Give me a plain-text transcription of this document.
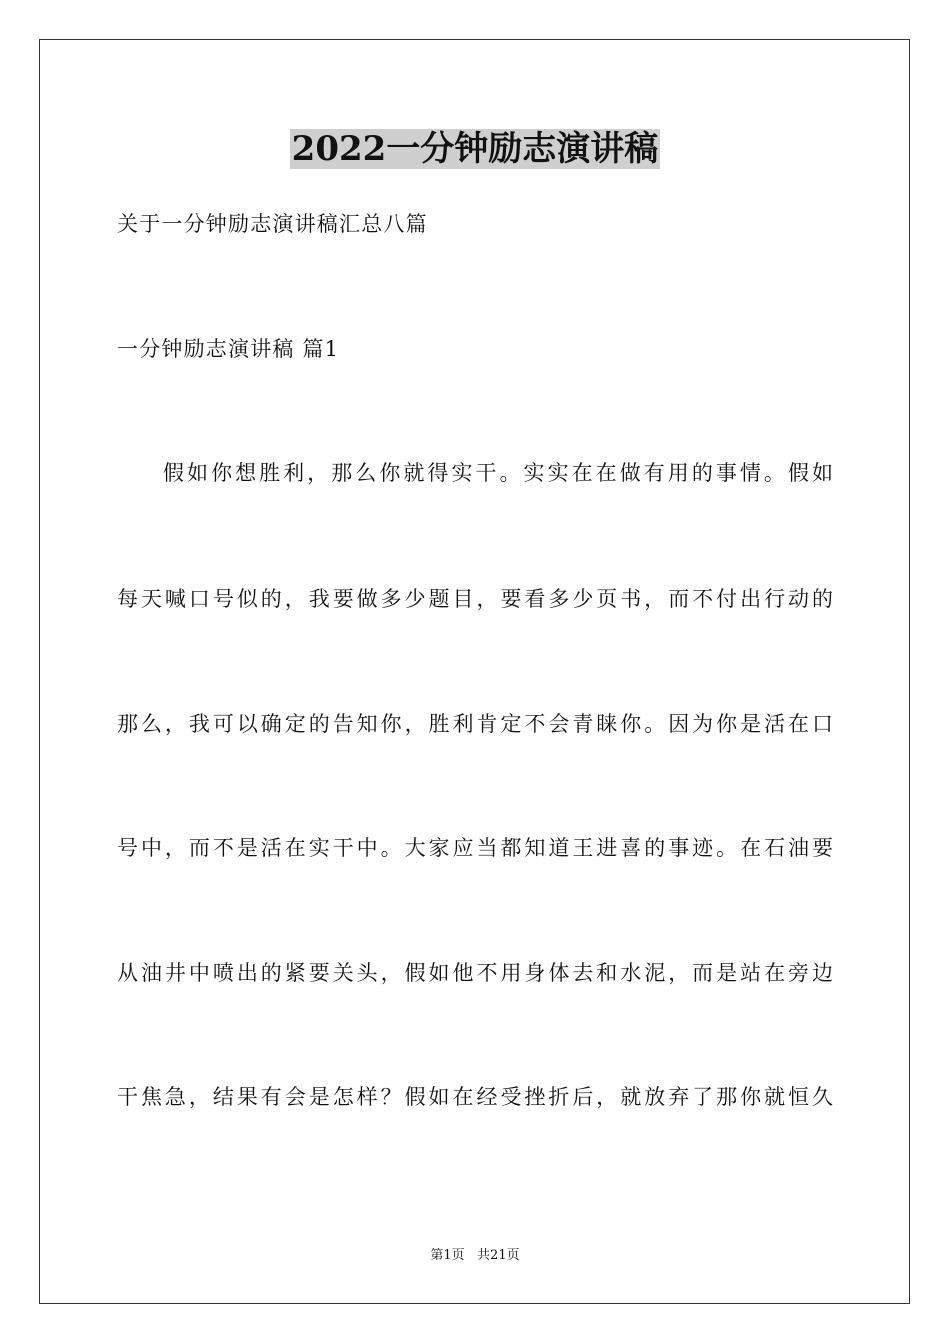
2022一分钟励志演讲稿
关于一分钟励志演讲稿汇总八篇
一分钟励志演讲稿 篇1
假如你想胜利，那么你就得实干。实实在在做有用的事情。假如
每天喊口号似的，我要做多少题目，要看多少页书，而不付出行动的
那么，我可以确定的告知你，胜利肯定不会青睐你。因为你是活在口
号中，而不是活在实干中。大家应当都知道王进喜的事迹。在石油要
从油井中喷出的紧要关头，假如他不用身体去和水泥，而是站在旁边
干焦急，结果有会是怎样？假如在经受挫折后，就放弃了那你就恒久
第1页   共21页
